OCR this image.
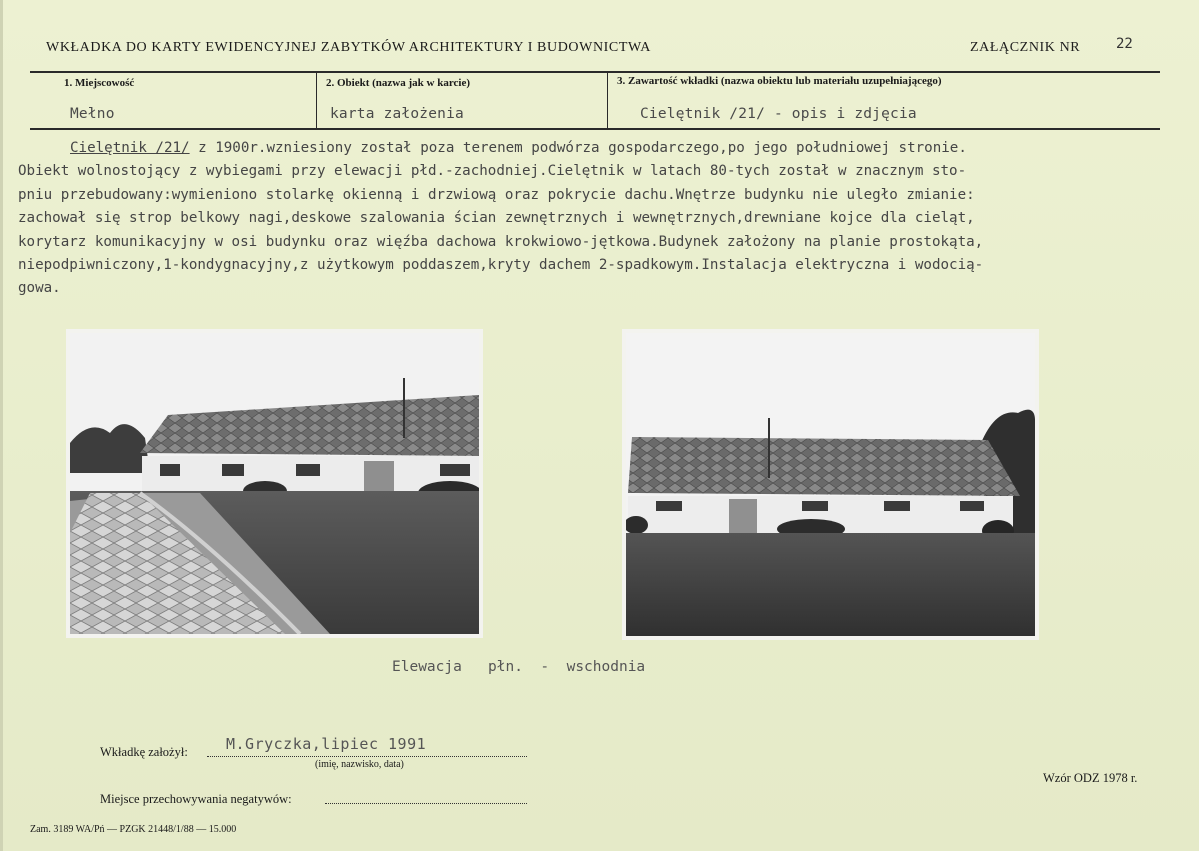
WKŁADKA DO KARTY EWIDENCYJNEJ ZABYTKÓW ARCHITEKTURY I BUDOWNICTWA	ZAŁĄCZNIK NR	22
1. Miejscowość
Mełno
2. Obiekt (nazwa jak w karcie)
karta założenia
3. Zawartość wkładki (nazwa obiektu lub materiału uzupełniającego)
Cielętnik /21/ - opis i zdjęcia
Cielętnik /21/ z 1900r.wzniesiony został poza terenem podwórza gospodarczego,po jego południowej stronie.
Obiekt wolnostojący z wybiegami przy elewacji płd.-zachodniej.Cielętnik w latach 80-tych został w znacznym sto-
pniu przebudowany:wymieniono stolarkę okienną i drzwiową oraz pokrycie dachu.Wnętrze budynku nie uległo zmianie:
zachował się strop belkowy nagi,deskowe szalowania ścian zewnętrznych i wewnętrznych,drewniane kojce dla cieląt,
korytarz komunikacyjny w osi budynku oraz więźba dachowa krokwiowo-jętkowa.Budynek założony na planie prostokąta,
niepodpiwniczony,1-kondygnacyjny,z użytkowym poddaszem,kryty dachem 2-spadkowym.Instalacja elektryczna i wodocią-
gowa.
Elewacja   płn.  -  wschodnia
Wkładkę założył:	M.Gryczka,lipiec 1991
(imię, nazwisko, data)
Wzór ODZ 1978 r.
Miejsce przechowywania negatywów:
Zam. 3189 WA/Pń — PZGK 21448/1/88 — 15.000
